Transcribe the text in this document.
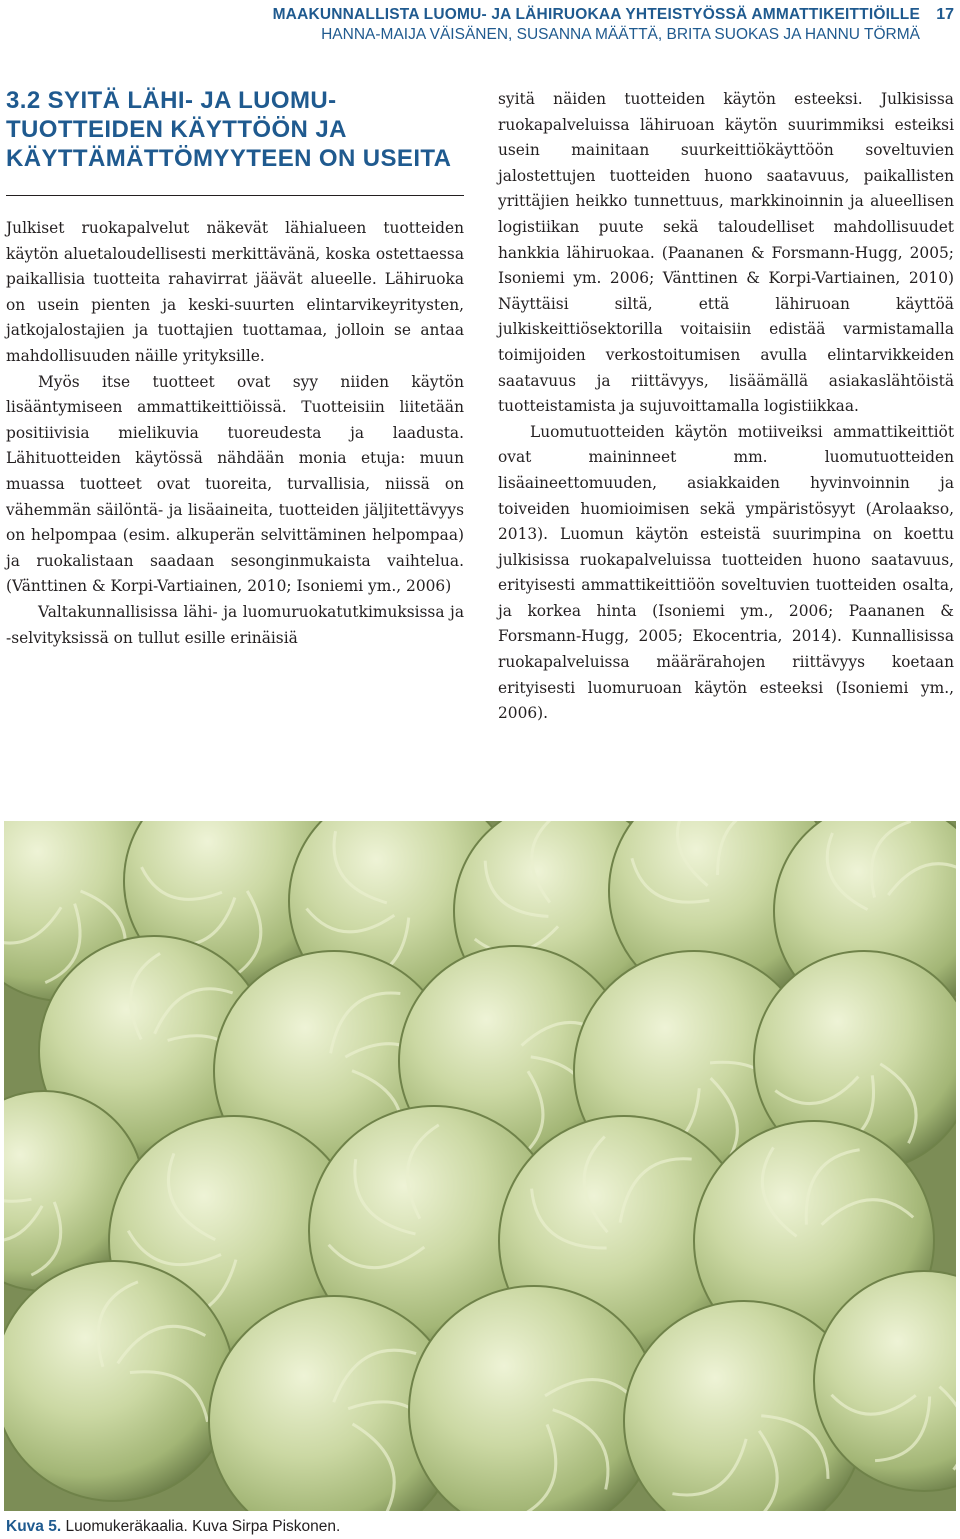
MAAKUNNALLISTA LUOMU- JA LÄHIRUOKAA YHTEISTYÖSSÄ AMMATTIKEITTIÖILLE
HANNA-MAIJA VÄISÄNEN, SUSANNA MÄÄTTÄ, BRITA SUOKAS JA HANNU TÖRMÄ
17
3.2 SYITÄ LÄHI- JA LUOMU-TUOTTEIDEN KÄYTTÖÖN JA KÄYTTÄMÄTTÖMYYTEEN ON USEITA

Julkiset ruokapalvelut näkevät lähialueen tuotteiden käytön aluetaloudellisesti merkittävänä, koska ostettaessa paikallisia tuotteita rahavirrat jäävät alueelle. Lähiruoka on usein pienten ja keski-suurten elintarvikeyritysten, jatkojalostajien ja tuottajien tuottamaa, jolloin se antaa mahdollisuuden näille yrityksille.

Myös itse tuotteet ovat syy niiden käytön lisääntymiseen ammattikeittiöissä. Tuotteisiin liitetään positiivisia mielikuvia tuoreudesta ja laadusta. Lähituotteiden käytössä nähdään monia etuja: muun muassa tuotteet ovat tuoreita, turvallisia, niissä on vähemmän säilöntä- ja lisäaineita, tuotteiden jäljitettävyys on helpompaa (esim. alkuperän selvittäminen helpompaa) ja ruokalistaan saadaan sesonginmukaista vaihtelua. (Vänttinen & Korpi-Vartiainen, 2010; Isoniemi ym., 2006)

Valtakunnallisissa lähi- ja luomuruokatutkimuksissa ja -selvityksissä on tullut esille erinäisiä

syitä näiden tuotteiden käytön esteeksi. Julkisissa ruokapalveluissa lähiruoan käytön suurimmiksi esteiksi usein mainitaan suurkeittiökäyttöön soveltuvien jalostettujen tuotteiden huono saatavuus, paikallisten yrittäjien heikko tunnettuus, markkinoinnin ja alueellisen logistiikan puute sekä taloudelliset mahdollisuudet hankkia lähiruokaa. (Paananen & Forsmann-Hugg, 2005; Isoniemi ym. 2006; Vänttinen & Korpi-Vartiainen, 2010) Näyttäisi siltä, että lähiruoan käyttöä julkiskeittiösektorilla voitaisiin edistää varmistamalla toimijoiden verkostoitumisen avulla elintarvikkeiden saatavuus ja riittävyys, lisäämällä asiakaslähtöistä tuotteistamista ja sujuvoittamalla logistiikkaa.

Luomutuotteiden käytön motiiveiksi ammattikeittiöt ovat maininneet mm. luomutuotteiden lisäaineettomuuden, asiakkaiden hyvinvoinnin ja toiveiden huomioimisen sekä ympäristösyyt (Arolaakso, 2013). Luomun käytön esteistä suurimpina on koettu julkisissa ruokapalveluissa tuotteiden huono saatavuus, erityisesti ammattikeittiöön soveltuvien tuotteiden osalta, ja korkea hinta (Isoniemi ym., 2006; Paananen & Forsmann-Hugg, 2005; Ekocentria, 2014). Kunnallisissa ruokapalveluissa määrärahojen riittävyys koetaan erityisesti luomuruoan käytön esteeksi (Isoniemi ym., 2006).

Kuva 5. Luomukeräkaalia. Kuva Sirpa Piskonen.
